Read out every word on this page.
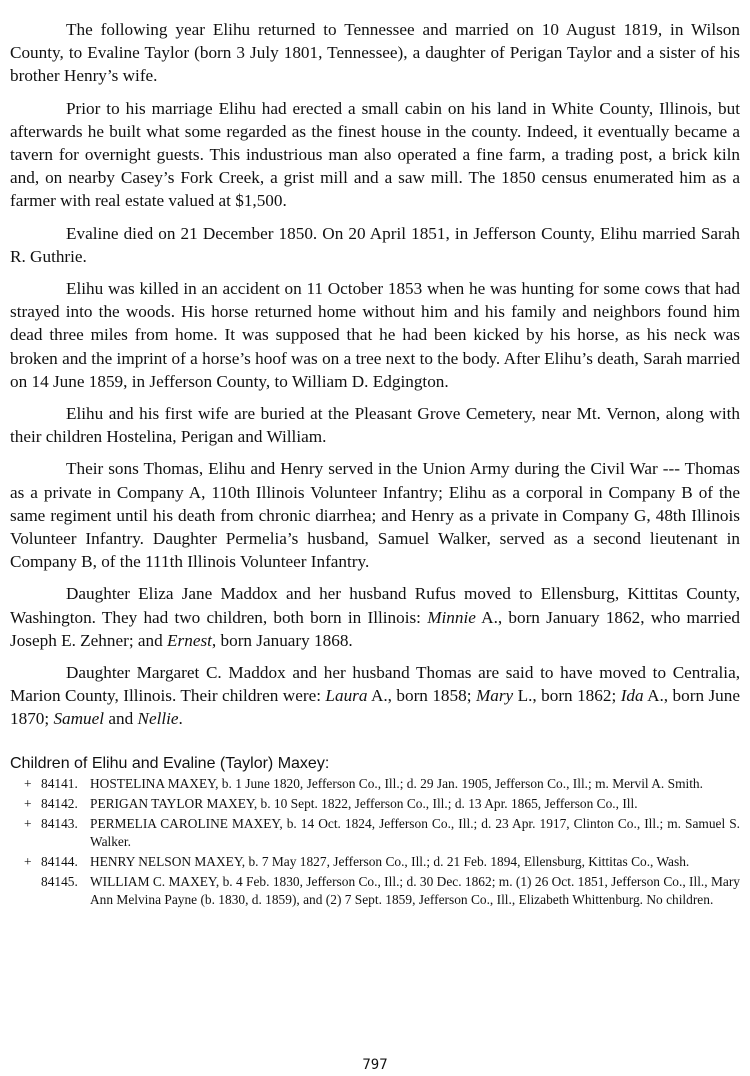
The following year Elihu returned to Tennessee and married on 10 August 1819, in Wilson County, to Evaline Taylor (born 3 July 1801, Tennessee), a daughter of Perigan Taylor and a sister of his brother Henry’s wife.

Prior to his marriage Elihu had erected a small cabin on his land in White County, Illinois, but afterwards he built what some regarded as the finest house in the county. Indeed, it eventually became a tavern for overnight guests. This industrious man also operated a fine farm, a trading post, a brick kiln and, on nearby Casey’s Fork Creek, a grist mill and a saw mill. The 1850 census enumerated him as a farmer with real estate valued at $1,500.

Evaline died on 21 December 1850. On 20 April 1851, in Jefferson County, Elihu married Sarah R. Guthrie.

Elihu was killed in an accident on 11 October 1853 when he was hunting for some cows that had strayed into the woods. His horse returned home without him and his family and neighbors found him dead three miles from home. It was supposed that he had been kicked by his horse, as his neck was broken and the imprint of a horse’s hoof was on a tree next to the body. After Elihu’s death, Sarah married on 14 June 1859, in Jefferson County, to William D. Edgington.

Elihu and his first wife are buried at the Pleasant Grove Cemetery, near Mt. Vernon, along with their children Hostelina, Perigan and William.

Their sons Thomas, Elihu and Henry served in the Union Army during the Civil War --- Thomas as a private in Company A, 110th Illinois Volunteer Infantry; Elihu as a corporal in Company B of the same regiment until his death from chronic diarrhea; and Henry as a private in Company G, 48th Illinois Volunteer Infantry. Daughter Permelia’s husband, Samuel Walker, served as a second lieutenant in Company B, of the 111th Illinois Volunteer Infantry.

Daughter Eliza Jane Maddox and her husband Rufus moved to Ellensburg, Kittitas County, Washington. They had two children, both born in Illinois: Minnie A., born January 1862, who married Joseph E. Zehner; and Ernest, born January 1868.

Daughter Margaret C. Maddox and her husband Thomas are said to have moved to Centralia, Marion County, Illinois. Their children were: Laura A., born 1858; Mary L., born 1862; Ida A., born June 1870; Samuel and Nellie.

Children of Elihu and Evaline (Taylor) Maxey:
+ 84141. HOSTELINA MAXEY, b. 1 June 1820, Jefferson Co., Ill.; d. 29 Jan. 1905, Jefferson Co., Ill.; m. Mervil A. Smith.
+ 84142. PERIGAN TAYLOR MAXEY, b. 10 Sept. 1822, Jefferson Co., Ill.; d. 13 Apr. 1865, Jefferson Co., Ill.
+ 84143. PERMELIA CAROLINE MAXEY, b. 14 Oct. 1824, Jefferson Co., Ill.; d. 23 Apr. 1917, Clinton Co., Ill.; m. Samuel S. Walker.
+ 84144. HENRY NELSON MAXEY, b. 7 May 1827, Jefferson Co., Ill.; d. 21 Feb. 1894, Ellensburg, Kittitas Co., Wash.
84145. WILLIAM C. MAXEY, b. 4 Feb. 1830, Jefferson Co., Ill.; d. 30 Dec. 1862; m. (1) 26 Oct. 1851, Jefferson Co., Ill., Mary Ann Melvina Payne (b. 1830, d. 1859), and (2) 7 Sept. 1859, Jefferson Co., Ill., Elizabeth Whittenburg. No children.
797
